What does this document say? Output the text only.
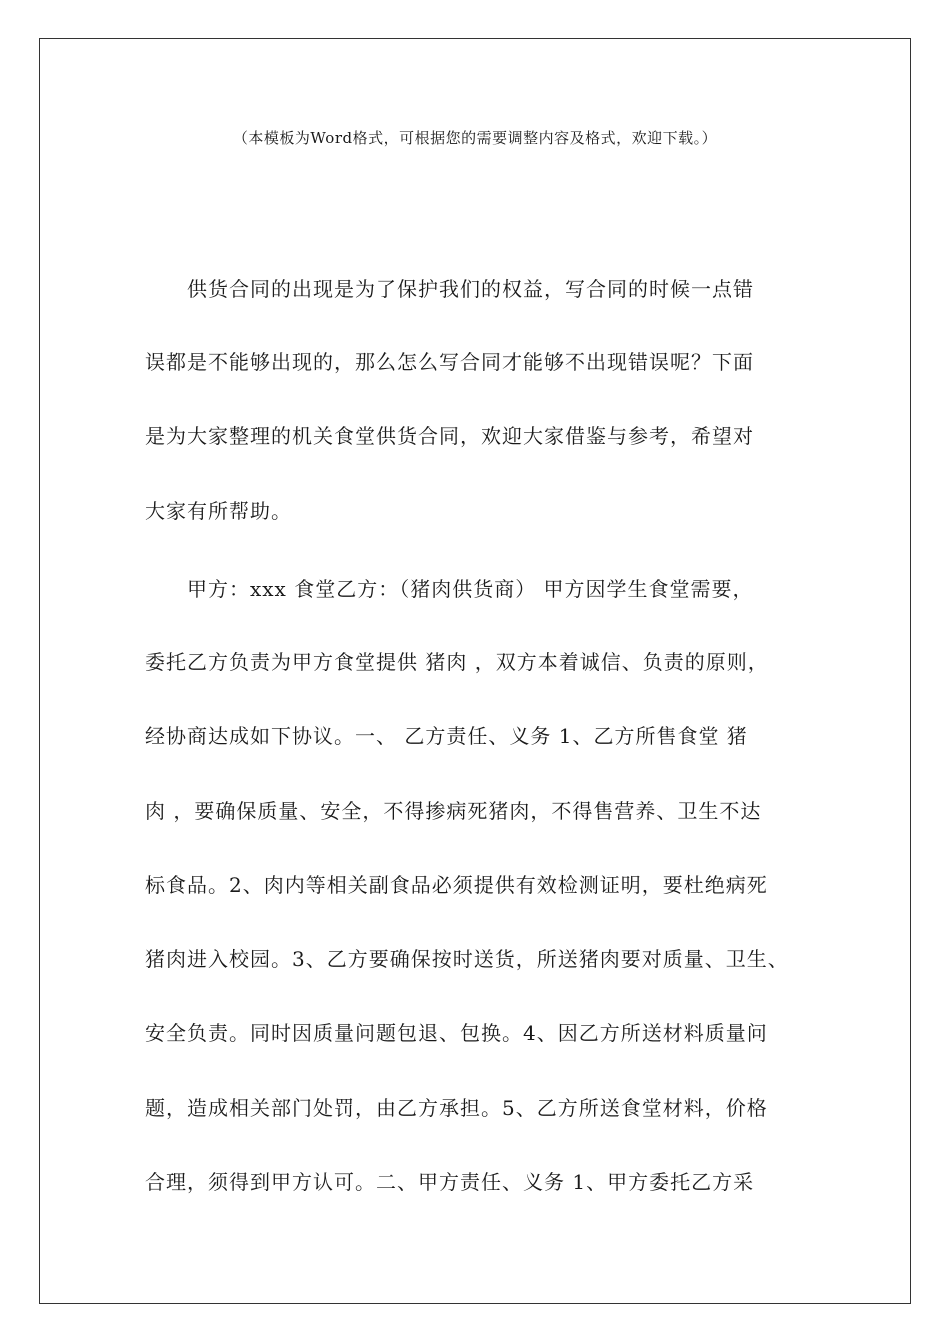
（本模板为Word格式，可根据您的需要调整内容及格式，欢迎下载。）
　　供货合同的出现是为了保护我们的权益，写合同的时候一点错
误都是不能够出现的，那么怎么写合同才能够不出现错误呢？下面
是为大家整理的机关食堂供货合同，欢迎大家借鉴与参考，希望对
大家有所帮助。
　　甲方：xxx 食堂乙方：（猪肉供货商） 甲方因学生食堂需要，
委托乙方负责为甲方食堂提供 猪肉 ，双方本着诚信、负责的原则，
经协商达成如下协议。一、 乙方责任、义务 1、乙方所售食堂 猪
肉 ，要确保质量、安全，不得掺病死猪肉，不得售营养、卫生不达
标食品。2、肉内等相关副食品必须提供有效检测证明，要杜绝病死
猪肉进入校园。3、乙方要确保按时送货，所送猪肉要对质量、卫生、
安全负责。同时因质量问题包退、包换。4、因乙方所送材料质量问
题，造成相关部门处罚，由乙方承担。5、乙方所送食堂材料，价格
合理，须得到甲方认可。二、甲方责任、义务 1、甲方委托乙方采
